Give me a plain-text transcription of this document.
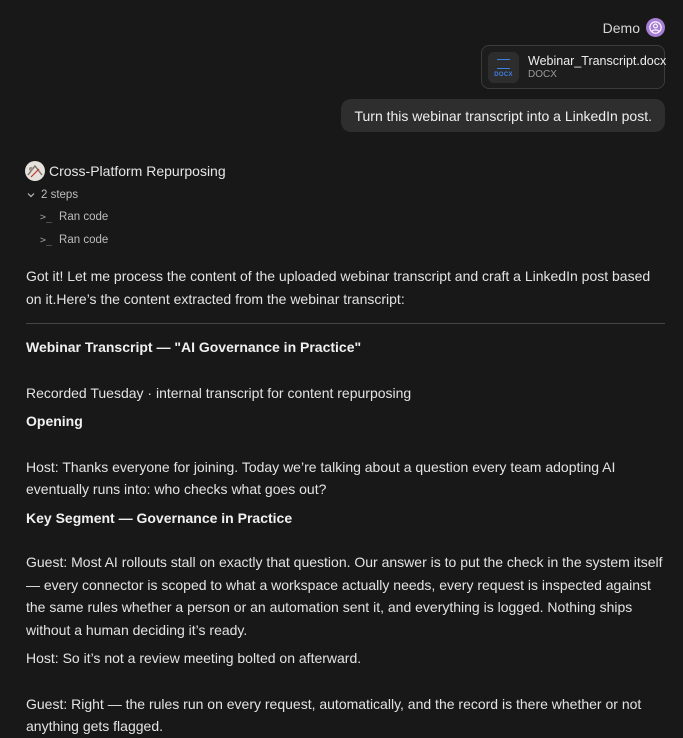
Demo
DOCX
Webinar_Transcript.docx
DOCX
Turn this webinar transcript into a LinkedIn post.
Cross-Platform Repurposing
2 steps
>_ Ran code
>_ Ran code

Got it! Let me process the content of the uploaded webinar transcript and craft a LinkedIn post based on it.Here’s the content extracted from the webinar transcript:

Webinar Transcript — "AI Governance in Practice"

Recorded Tuesday · internal transcript for content repurposing

Opening

Host: Thanks everyone for joining. Today we’re talking about a question every team adopting AI eventually runs into: who checks what goes out?

Key Segment — Governance in Practice

Guest: Most AI rollouts stall on exactly that question. Our answer is to put the check in the system itself — every connector is scoped to what a workspace actually needs, every request is inspected against the same rules whether a person or an automation sent it, and everything is logged. Nothing ships without a human deciding it’s ready.

Host: So it’s not a review meeting bolted on afterward.

Guest: Right — the rules run on every request, automatically, and the record is there whether or not anything gets flagged.
